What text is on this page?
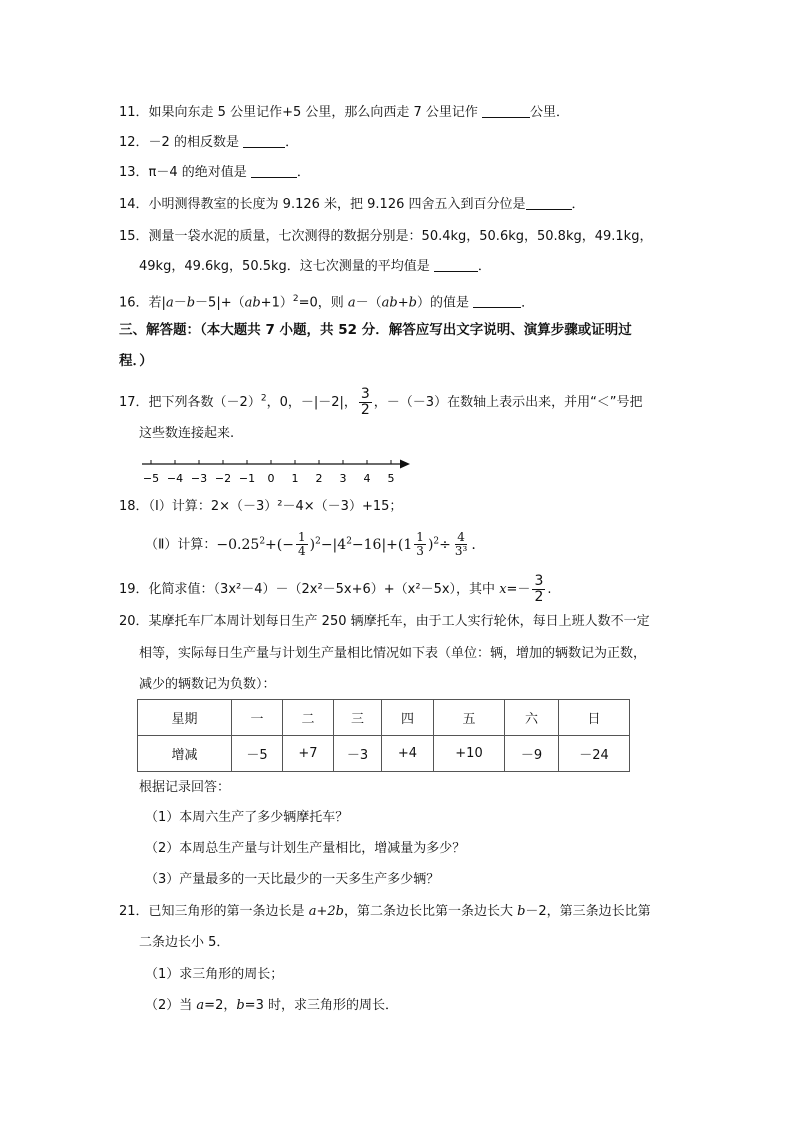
11．如果向东走 5 公里记作+5 公里，那么向西走 7 公里记作	公里．
12．－2 的相反数是	．
13．π－4 的绝对值是	．
14．小明测得教室的长度为 9.126 米，把 9.126 四舍五入到百分位是	．
15．测量一袋水泥的质量，七次测得的数据分别是：50.4kg，50.6kg，50.8kg，49.1kg，
49kg，49.6kg，50.5kg．这七次测量的平均值是	．
16．若$|a-b-5|+(ab+1)^2=0$，则 a－（ab+b）的值是	．
三、解答题：（本大题共 7 小题，共 52 分．解答应写出文字说明、演算步骤或证明过
程．）
17．把下列各数$(-2)^2$，0，－|－2|， $\frac{3}{2}$ ，－（－3）在数轴上表示出来，并用“＜”号把
这些数连接起来.
−5 −4 −3 −2 −1 0 1 2 3 4 5
18．（Ⅰ）计算：2×（－3）²－4×（－3）+15；
（Ⅱ）计算：$-0.25^2+(- \frac{1}{4} )^2-|4^2-16|+(1 \frac{1}{3} )^2\div \frac{4}{\text{3³}}$ .
19．化简求值：（3x²－4）－（2x²－5x+6）+（x²－5x），其中 $x=- \frac{3}{2}$ .
20．某摩托车厂本周计划每日生产 250 辆摩托车，由于工人实行轮休，每日上班人数不一定
相等，实际每日生产量与计划生产量相比情况如下表（单位：辆，增加的辆数记为正数，
减少的辆数记为负数）：
星期	一	二	三	四	五	六	日
增减	－5	+7	－3	+4	+10	－9	－24
根据记录回答：
（1）本周六生产了多少辆摩托车？
（2）本周总生产量与计划生产量相比，增减量为多少？
（3）产量最多的一天比最少的一天多生产多少辆？
21．已知三角形的第一条边长是 a+2b，第二条边长比第一条边长大 b－2，第三条边长比第
二条边长小 5．
（1）求三角形的周长；
（2）当 a=2，b=3 时，求三角形的周长．
